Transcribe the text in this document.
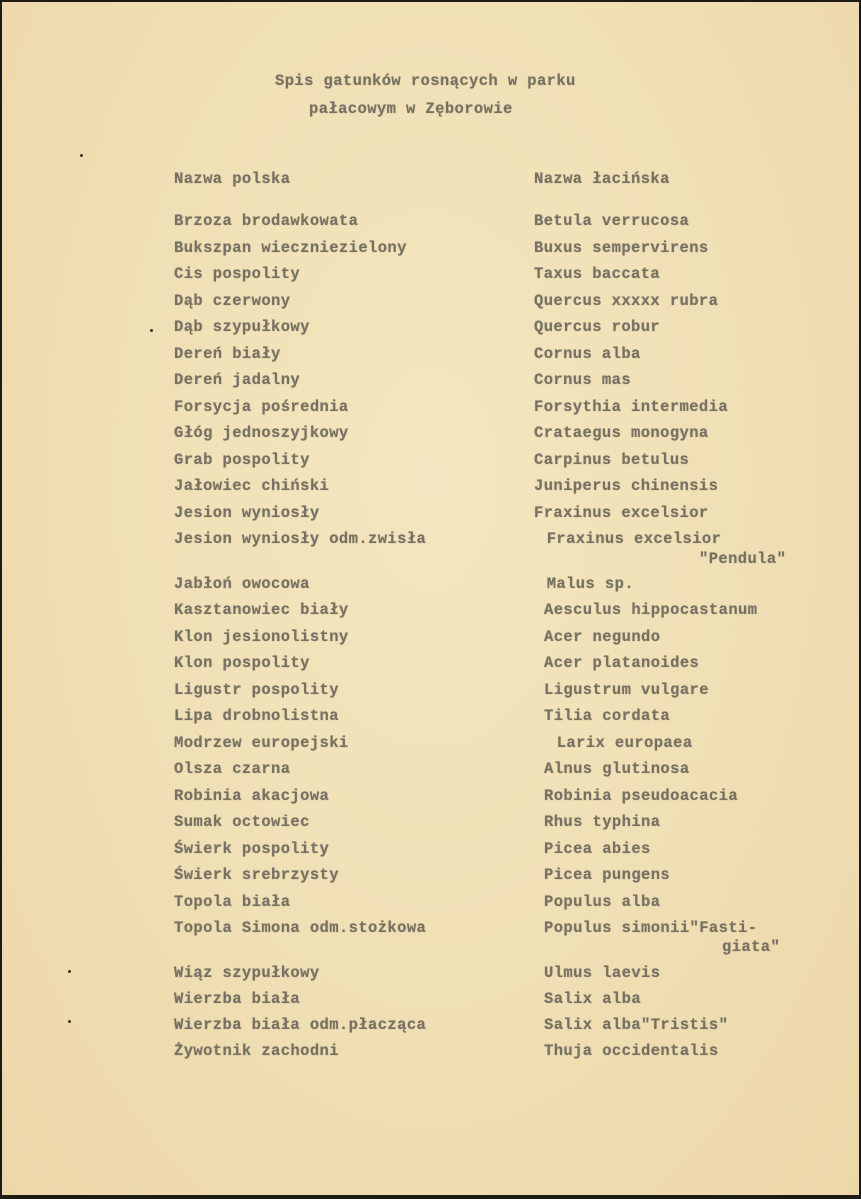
Spis gatunków rosnących w parku
pałacowym w Zęborowie
Nazwa polska	Nazwa łacińska
Brzoza brodawkowata	Betula verrucosa
Bukszpan wieczniezielony	Buxus sempervirens
Cis pospolity	Taxus baccata
Dąb czerwony	Quercus xxxxx rubra
Dąb szypułkowy	Quercus robur
Dereń biały	Cornus alba
Dereń jadalny	Cornus mas
Forsycja pośrednia	Forsythia intermedia
Głóg jednoszyjkowy	Crataegus monogyna
Grab pospolity	Carpinus betulus
Jałowiec chiński	Juniperus chinensis
Jesion wyniosły	Fraxinus excelsior
Jesion wyniosły odm.zwisła	Fraxinus excelsior
"Pendula"
Jabłoń owocowa	Malus sp.
Kasztanowiec biały	Aesculus hippocastanum
Klon jesionolistny	Acer negundo
Klon pospolity	Acer platanoides
Ligustr pospolity	Ligustrum vulgare
Lipa drobnolistna	Tilia cordata
Modrzew europejski	Larix europaea
Olsza czarna	Alnus glutinosa
Robinia akacjowa	Robinia pseudoacacia
Sumak octowiec	Rhus typhina
Świerk pospolity	Picea abies
Świerk srebrzysty	Picea pungens
Topola biała	Populus alba
Topola Simona odm.stożkowa	Populus simonii"Fasti-
giata"
Wiąz szypułkowy	Ulmus laevis
Wierzba biała	Salix alba
Wierzba biała odm.płacząca	Salix alba"Tristis"
Żywotnik zachodni	Thuja occidentalis
